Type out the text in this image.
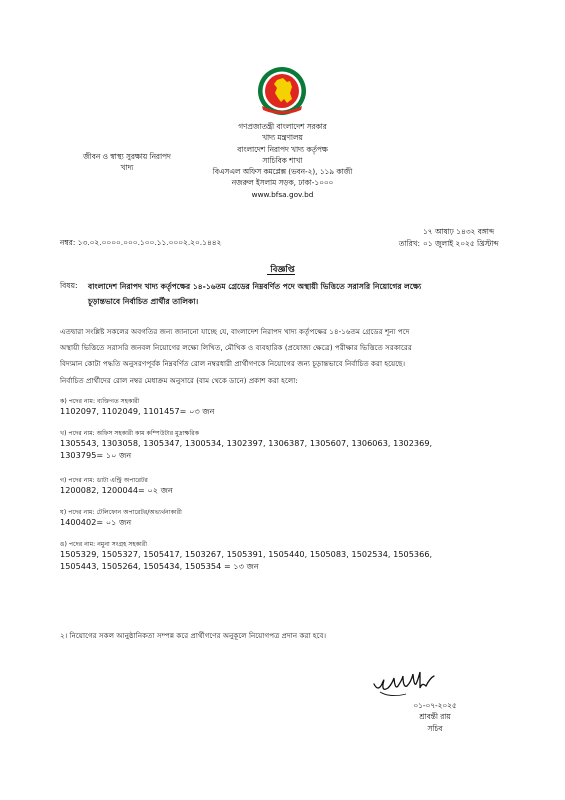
গণপ্রজাতন্ত্রী বাংলাদেশ সরকার
খাদ্য মন্ত্রণালয়
বাংলাদেশ নিরাপদ খাদ্য কর্তৃপক্ষ
সাচিবিক শাখা
বিএসএল অফিস কমপ্লেক্স (ভবন-২), ১১৯ কাজী
নজরুল ইসলাম সড়ক, ঢাকা-১০০০
www.bfsa.gov.bd
জীবন ও স্বাস্থ্য সুরক্ষায় নিরাপদ
খাদ্য
নম্বর: ১৩.০২.০০০০.০০০.১০০.১১.০০০২.২০.১৪৪২
১৭ আষাঢ় ১৪৩২ বঙ্গাব্দ
তারিখ: ০১ জুলাই ২০২৫ খ্রিস্টাব্দ
বিজ্ঞপ্তি
বিষয়: বাংলাদেশ নিরাপদ খাদ্য কর্তৃপক্ষের ১৪-১৬তম গ্রেডের নিম্নবর্ণিত পদে অস্থায়ী ভিত্তিতে সরাসরি নিয়োগের লক্ষ্যে
চূড়ান্তভাবে নির্বাচিত প্রার্থীর তালিকা।
এতদ্বারা সংশ্লিষ্ট সকলের অবগতির জন্য জানানো যাচ্ছে যে, বাংলাদেশ নিরাপদ খাদ্য কর্তৃপক্ষের ১৪-১৬তম গ্রেডের শূন্য পদে
অস্থায়ী ভিত্তিতে সরাসরি জনবল নিয়োগের লক্ষ্যে লিখিত, মৌখিক ও ব্যবহারিক (প্রযোজ্য ক্ষেত্রে) পরীক্ষার ভিত্তিতে সরকারের
বিদ্যমান কোটা পদ্ধতি অনুসরণপূর্বক নিম্নবর্ণিত রোল নম্বরধারী প্রার্থীগণকে নিয়োগের জন্য চূড়ান্তভাবে নির্বাচিত করা হয়েছে।
নির্বাচিত প্রার্থীদের রোল নম্বর মেধাক্রম অনুসারে (বাম থেকে ডানে) প্রকাশ করা হলো:
ক) পদের নাম: ব্যক্তিগত সহকারী
1102097, 1102049, 1101457= ০৩ জন
খ) পদের নাম: অফিস সহকারী কাম কম্পিউটার মুদ্রাক্ষরিক
1305543, 1303058, 1305347, 1300534, 1302397, 1306387, 1305607, 1306063, 1302369,
1303795= ১০ জন
গ) পদের নাম: ডাটা এন্ট্রি অপারেটর
1200082, 1200044= ০২ জন
ঘ) পদের নাম: টেলিফোন অপারেটর/অভ্যর্থনাকারী
1400402= ০১ জন
ঙ) পদের নাম: নমুনা সংগ্রহ সহকারী
1505329, 1505327, 1505417, 1503267, 1505391, 1505440, 1505083, 1502534, 1505366,
1505443, 1505264, 1505434, 1505354 = ১৩ জন
২। নিয়োগের সকল আনুষ্ঠানিকতা সম্পন্ন করে প্রার্থীগণের অনুকূলে নিয়োগপত্র প্রদান করা হবে।
০১-০৭-২০২৫
শ্রাবন্তী রায়
সচিব
